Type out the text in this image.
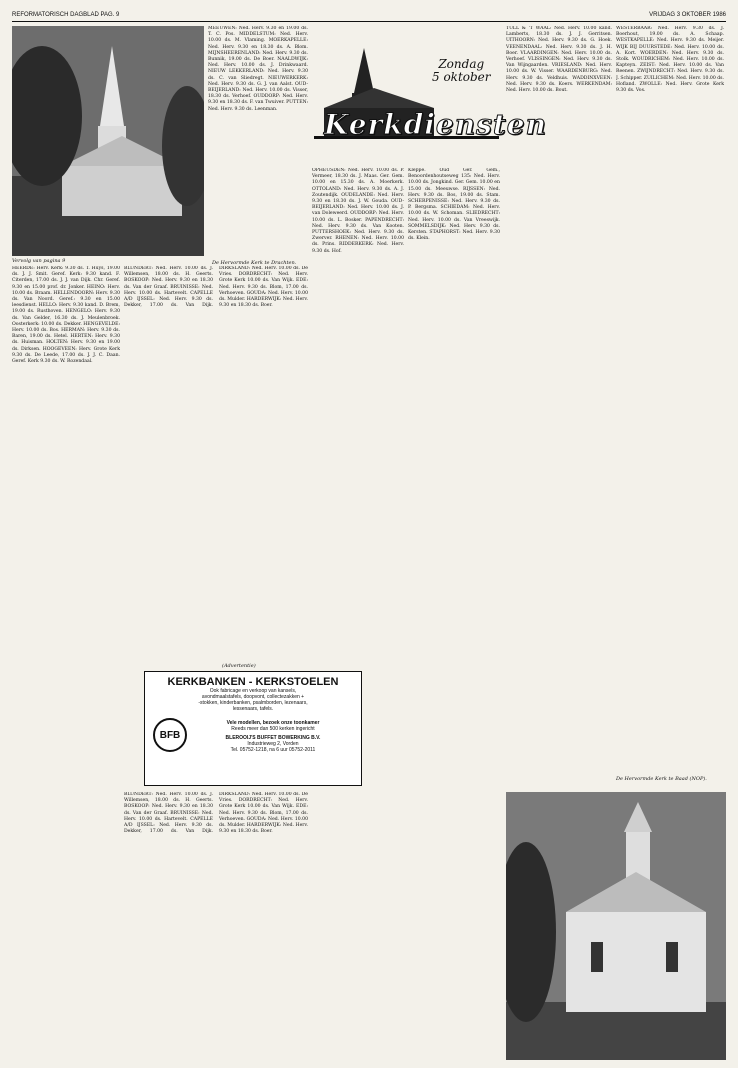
REFORMATORISCH DAGBLAD PAG. 9	VRIJDAG 3 OKTOBER 1986
Vervolg van pagina 9

HEERDE: Herv. Kerk: 9.30 ds. T. Huys, 19.00 ds. J. J. Smit. Geref. Kerk: 9.30 kand. F. Citerden, 17.00 ds. J. J. van Dijk. Chr. Geref. 9.30 en 15.00 prof. dr. Jonker. HEINO: Herv. 10.00 ds. Braam. HELLENDOORN: Herv. 9.30 ds. Van Noord. Geref.: 9.30 en 15.00 leesdienst. HELLO: Herv. 9.30 kand. D. Brem, 19.00 ds. Rusthoven. HENGELO: Herv. 9.30 ds. Van Gelder, 16.30 ds. J. Meulenbroek. Oosterkerk: 10.00 ds. Dekker. HENGEVELDE: Herv. 10.00 ds. Bos. HERMAN: Herv. 9.30 ds. Baren, 19.00 ds. Hetel. HERTEN: Herv. 9.30 ds. Huisman. HOLTEN: Herv. 9.30 en 19.00 ds. Dirksen. HOOGEVEEN: Herv. Grote Kerk 9.30 ds. De Leede, 17.00 ds. J. J. C. Daan. Geref. Kerk 9.30 ds. W. Rozendaal.

MEEUWEN: Ned. Herv. 9.30 en 19.00 ds. T. C. Pos. MIDDELSTUM: Ned. Herv. 10.00 ds. M. Vlaming. MOERKAPELLE: Ned. Herv. 9.30 en 18.30 ds. A. Blom. MIJNSHEERENLAND: Ned. Herv. 9.30 ds. Bunnik, 19.00 ds. De Boer. NAALDWIJK: Ned. Herv. 10.00 ds. J. Drinkwaard. NIEUW LEKKERLAND: Ned. Herv. 9.30 ds. C. van Sliedregt. NIEUWERKERK: Ned. Herv. 9.30 ds. G. J. van Aalst. OUD-BEIJERLAND: Ned. Herv. 10.00 ds. Visser, 18.30 ds. Verhoef. OUDDORP: Ned. Herv. 9.30 en 18.30 ds. F. van Twuiver. PUTTEN: Ned. Herv. 9.30 ds. Leenman.

BLUNDERT: Ned. Herv. 10.00 ds. J. Willemsen, 18.00 ds. H. Geerts. BOSKOOP: Ned. Herv. 9.30 en 18.30 ds. Van der Graaf. BRUINISSE: Ned. Herv. 10.00 ds. Hartevelt. CAPELLE A/D IJSSEL: Ned. Herv. 9.30 ds. Dekker, 17.00 ds. Van Dijk. DIRKSLAND: Ned. Herv. 10.00 ds. De Vries. DORDRECHT: Ned. Herv. Grote Kerk 10.00 ds. Van Wijk. EDE: Ned. Herv. 9.30 ds. Blom, 17.00 ds. Verhoeven. GOUDA: Ned. Herv. 10.00 ds. Mulder. HARDERWIJK: Ned. Herv. 9.30 en 18.30 ds. Boer.

De Hervormde Kerk te Drachten.
(Advertentie)
KERKBANKEN - KERKSTOELEN
Ook fabricage en verkoop van kansels,
avondmaalstafels, doopvont, collectezakken +
-stokken, kinderbanken, psalmborden, lezenaars,
lessenaars, tafels.
BFB
Vele modellen, bezoek onze toonkamer
Reeds meer dan 500 kerken ingericht
BLEROOIJ'S BUFFET BOWERKING B.V.
Industrieweg 2, Vorden
Tel. 05752-1218, na 6 uur 05752-2011

BLUNDERT: Ned. Herv. 10.00 ds. J. Willemsen, 18.00 ds. H. Geerts. BOSKOOP: Ned. Herv. 9.30 en 18.30 ds. Van der Graaf. BRUINISSE: Ned. Herv. 10.00 ds. Hartevelt. CAPELLE A/D IJSSEL: Ned. Herv. 9.30 ds. Dekker, 17.00 ds. Van Dijk. DIRKSLAND: Ned. Herv. 10.00 ds. De Vries. DORDRECHT: Ned. Herv. Grote Kerk 10.00 ds. Van Wijk. EDE: Ned. Herv. 9.30 ds. Blom, 17.00 ds. Verhoeven. GOUDA: Ned. Herv. 10.00 ds. Mulder. HARDERWIJK: Ned. Herv. 9.30 en 18.30 ds. Boer.

Zondag
5 oktober
Kerkdiensten

OPHEUSDEN: Ned. Herv. 10.00 ds. P. Vermeer, 18.30 ds. J. Maas. Ger. Gem. 10.00 en 15.30 ds. A. Moerkerk. OTTOLAND: Ned. Herv. 9.30 ds. A. J. Zoutendijk. OUDELANDE: Ned. Herv. 9.30 en 18.30 ds. J. W. Gouda. OUD-BEIJERLAND: Ned. Herv. 10.00 ds. J. van Doleweerd. OUDDORP: Ned. Herv. 10.00 ds. L. Bosker. PAPENDRECHT: Ned. Herv. 9.30 ds. Van Kooten. PUTTERSHOEK: Ned. Herv. 9.30 ds. Zwerver. RHENEN: Ned. Herv. 10.00 ds. Prins. RIDDERKERK: Ned. Herv. 9.30 ds. Hof.

Kleppe. Oud Ger. Gem., Benoordenhoutseweg 135: Ned. Herv. 10.00 ds. Jongkind. Ger. Gem. 10.00 en 15.00 ds. Meeuwse. RIJSSEN: Ned. Herv. 9.30 ds. Bos, 19.00 ds. Stam. SCHERPENISSE: Ned. Herv. 9.30 ds. P. Bergsma. SCHIEDAM: Ned. Herv. 10.00 ds. W. Schoman. SLIEDRECHT: Ned. Herv. 10.00 ds. Van Vreeswijk. SOMMELSDIJK: Ned. Herv. 9.30 ds. Kersten. STAPHORST: Ned. Herv. 9.30 ds. Klein.

TULL & 'T WAAL: Ned. Herv. 10.00 kand. Lamberts, 18.30 ds. J. J. Gerritsen. UITHOORN: Ned. Herv. 9.30 ds. G. Hoek. VEENENDAAL: Ned. Herv. 9.30 ds. J. H. Boer. VLAARDINGEN: Ned. Herv. 10.00 ds. Verhoef. VLISSINGEN: Ned. Herv. 9.30 ds. Van Wijngaarden. VRIESLAND: Ned. Herv. 10.00 ds. W. Visser. WAARDENBURG: Ned. Herv. 9.30 ds. Veldhuis. WADDINXVEEN: Ned. Herv. 9.30 ds. Koers. WERKENDAM: Ned. Herv. 10.00 ds. Bout.

WESTERBAAR: Ned. Herv. 9.30 ds. J. Boerhout, 19.00 ds. A. Schaap. WESTKAPELLE: Ned. Herv. 9.30 ds. Meijer. WIJK BIJ DUURSTEDE: Ned. Herv. 10.00 ds. A. Kort. WOERDEN: Ned. Herv. 9.30 ds. Stolk. WOUDRICHEM: Ned. Herv. 10.00 ds. Kapteyn. ZEIST: Ned. Herv. 10.00 ds. Van Reenen. ZWIJNDRECHT: Ned. Herv. 9.30 ds. J. Schipper. ZUILICHEM: Ned. Herv. 10.00 ds. Hofland. ZWOLLE: Ned. Herv. Grote Kerk 9.30 ds. Vos.

De Hervormde Kerk te Baad (NOP).
